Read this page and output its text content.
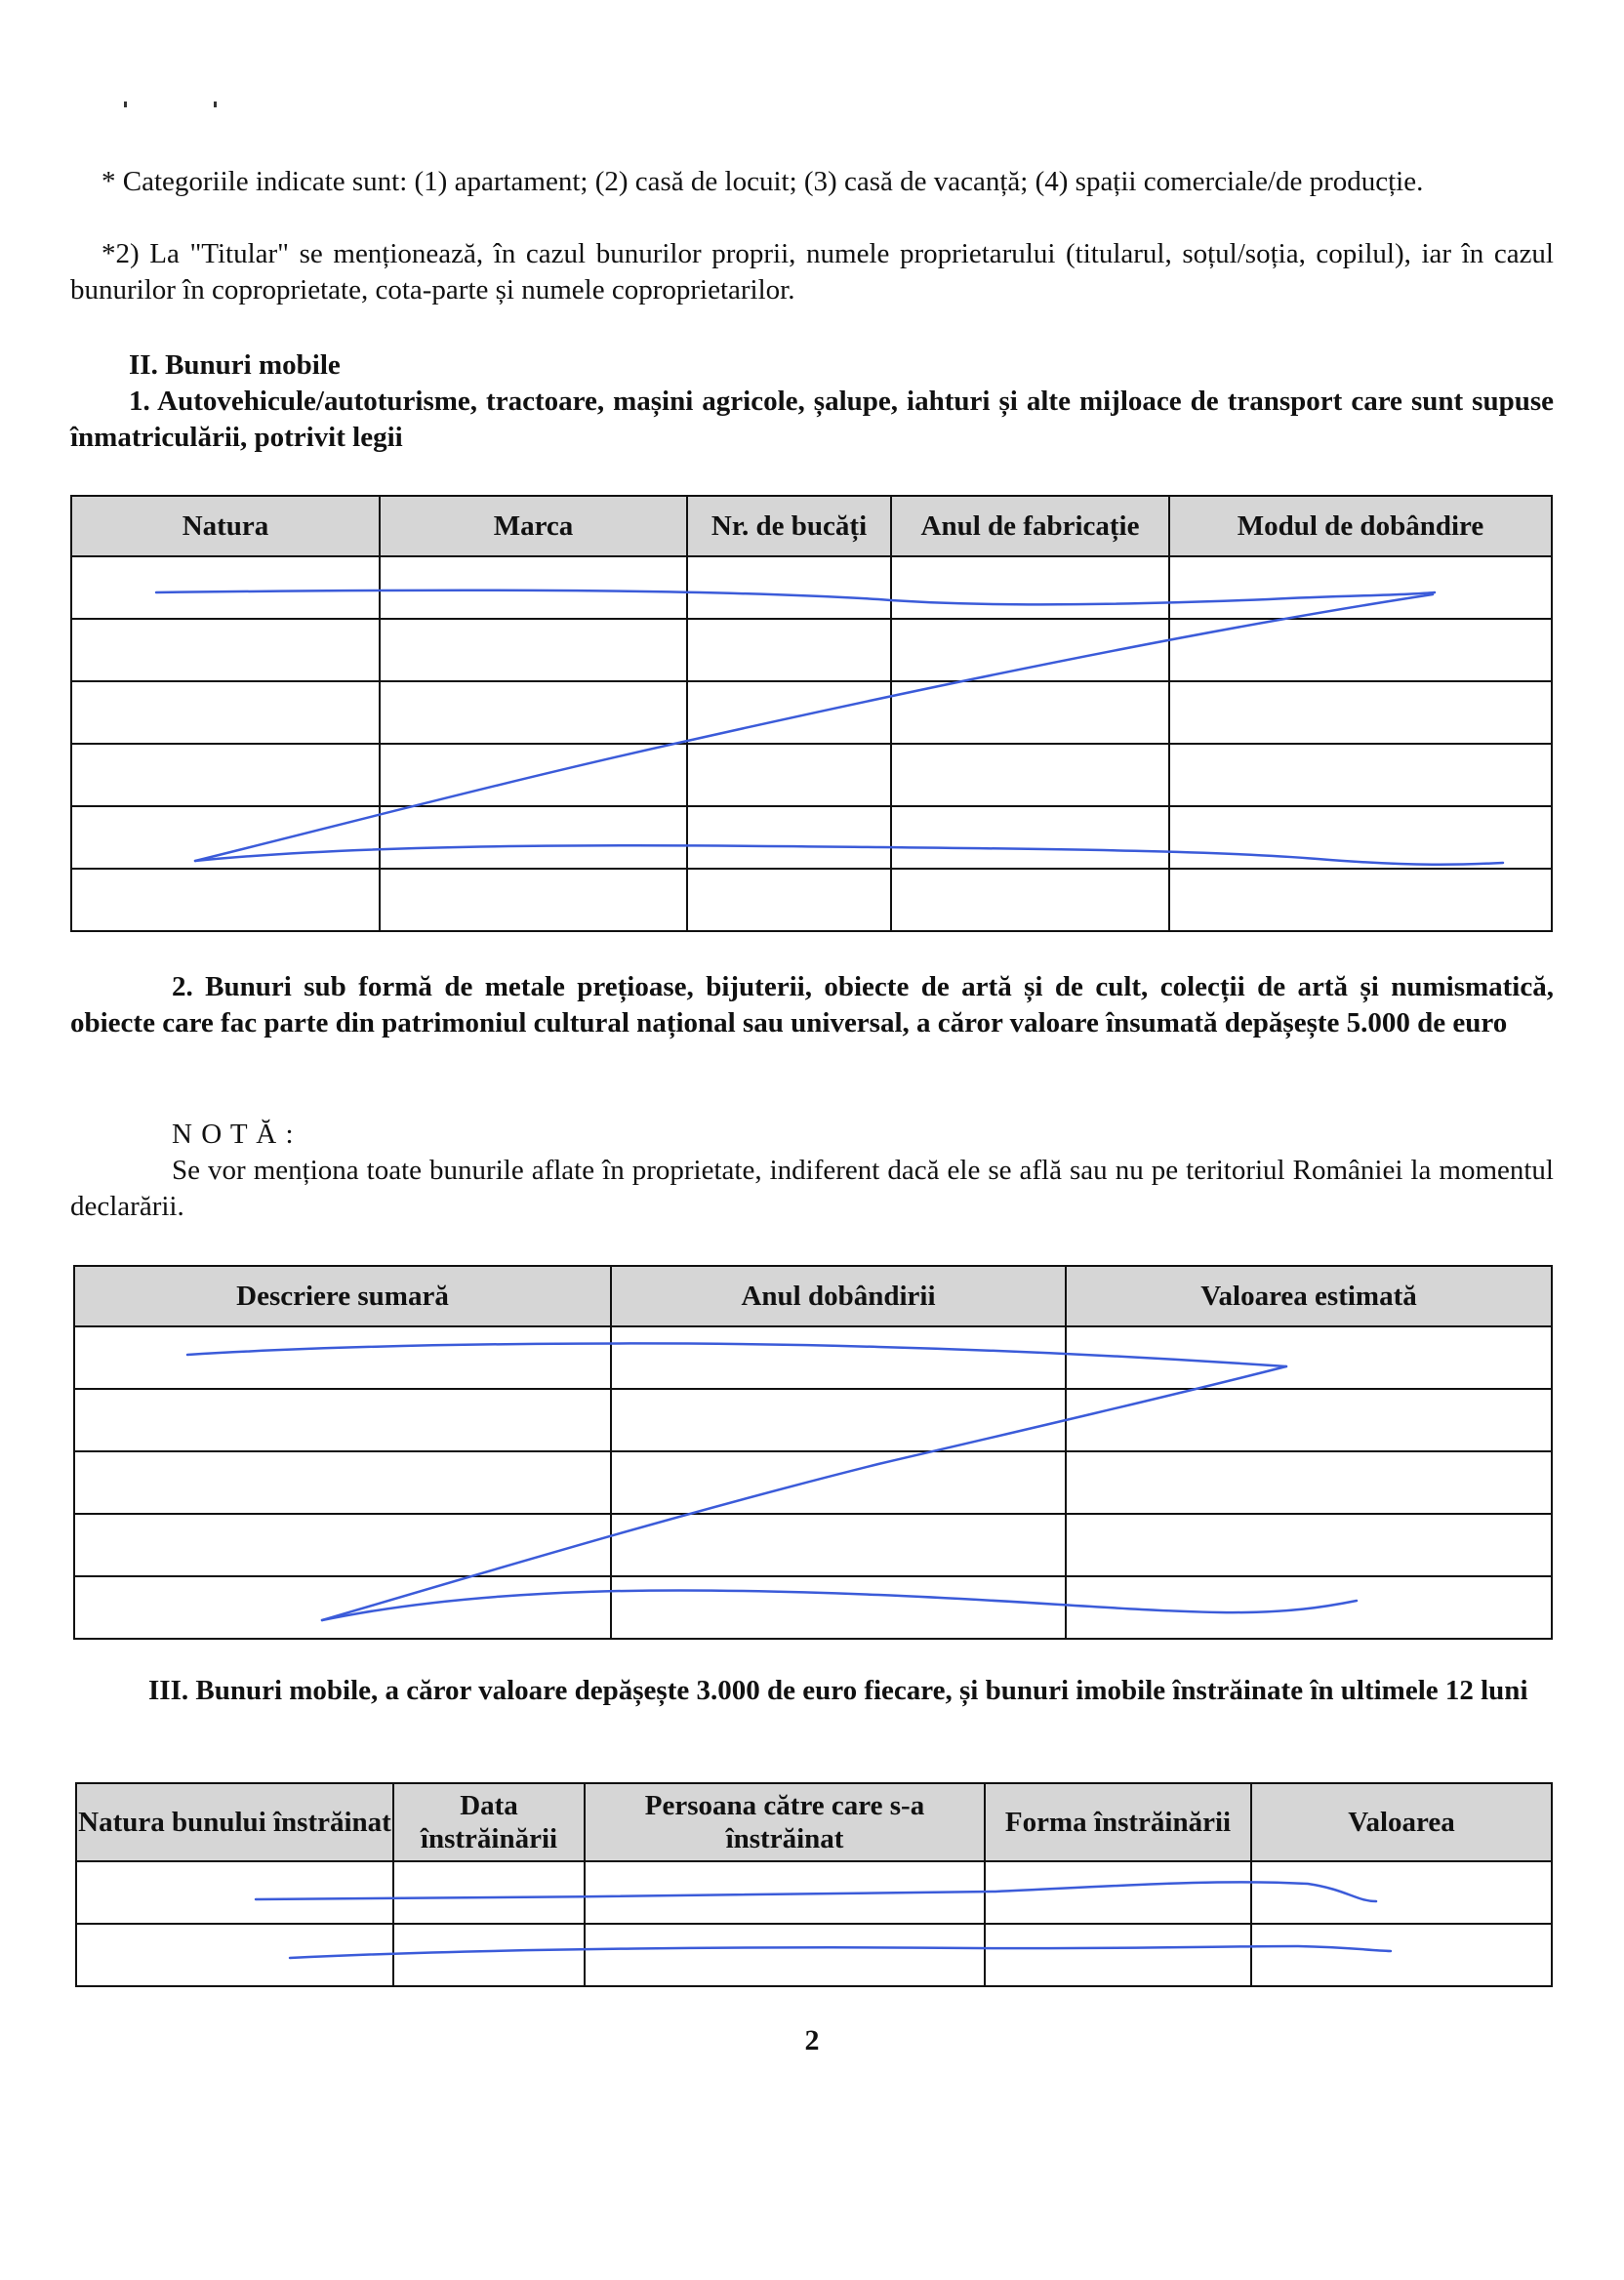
* Categoriile indicate sunt: (1) apartament; (2) casă de locuit; (3) casă de vacanță; (4) spații comerciale/de producție.

*2) La "Titular" se menționează, în cazul bunurilor proprii, numele proprietarului (titularul, soțul/soția, copilul), iar în cazul bunurilor în coproprietate, cota-parte și numele coproprietarilor.

II. Bunuri mobile

1. Autovehicule/autoturisme, tractoare, mașini agricole, șalupe, iahturi și alte mijloace de transport care sunt supuse înmatriculării, potrivit legii

Natura	Marca	Nr. de bucăți	Anul de fabricație	Modul de dobândire

2. Bunuri sub formă de metale prețioase, bijuterii, obiecte de artă și de cult, colecții de artă și numismatică, obiecte care fac parte din patrimoniul cultural național sau universal, a căror valoare însumată depășește 5.000 de euro

N O T Ă :

Se vor menționa toate bunurile aflate în proprietate, indiferent dacă ele se află sau nu pe teritoriul României la momentul declarării.

Descriere sumară	Anul dobândirii	Valoarea estimată

III. Bunuri mobile, a căror valoare depășește 3.000 de euro fiecare, și bunuri imobile înstrăinate în ultimele 12 luni

Natura bunului înstrăinat	Data înstrăinării	Persoana către care s-a înstrăinat	Forma înstrăinării	Valoarea

2
